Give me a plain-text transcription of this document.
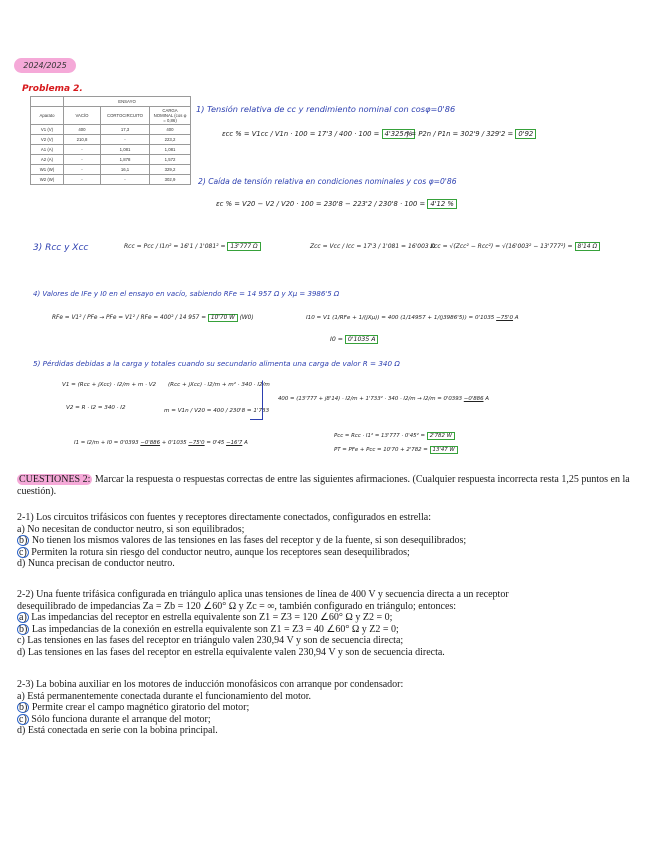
2024/2025
Problema 2.
	ENSAYO		
Aparato	VACÍO	CORTOCIRCUITO	CARGA NOMINAL (cos φ = 0,86)
V1 (V)	400	17,3	400
V2 (V)	210,8	-	223,2
A1 (A)	-	1,081	1,081
A2 (A)	-	1,878	1,572
W1 (W)	-	16,1	329,2
W2 (W)	-	-	302,9
1) Tensión relativa de cc y rendimiento nominal con cosφ=0'86
εcc % = V1cc / V1n · 100 = 17'3 / 400 · 100 = 4'325 %
η = P2n / P1n = 302'9 / 329'2 = 0'92
2) Caída de tensión relativa en condiciones nominales y cos φ=0'86
εc % = V20 − V2 / V20 · 100 = 230'8 − 223'2 / 230'8 · 100 = 4'12 %
3) Rcc y Xcc	Rcc = Pcc / I1n² = 16'1 / 1'081² = 13'777 Ω	Zcc = Vcc / Icc = 17'3 / 1'081 = 16'003 Ω
Xcc = √(Zcc² − Rcc²) = √(16'003² − 13'777²) = 8'14 Ω
4) Valores de IFe y I0 en el ensayo en vacío, sabiendo RFe = 14 957 Ω y Xμ = 3986'5 Ω
RFe = V1² / PFe → PFe = V1² / RFe = 400² / 14 957 = 10'70 W (W0)	I10 = V1 (1/RFe + 1/(jXμ)) = 400 (1/14957 + 1/(j3986'5)) = 0'1035 −75'0 A
I0 = 0'1035 A
5) Pérdidas debidas a la carga y totales cuando su secundario alimenta una carga de valor R = 340 Ω
V1 = (Rcc + jXcc) · I2/m + m · V2 (Rcc + jXcc) · I2/m + m² · 340 · I2/m
V2 = R · I2 = 340 · I2	m = V1n / V20 = 400 / 230'8 = 1'733
400 = (13'777 + j8'14) · I2/m + 1'733² · 340 · I2/m → I2/m = 0'0393 −0'886 A
I1 = I2/m + I0 = 0'0393 −0'886 + 0'1035 −75'0 = 0'45 −16'7 A
Pcc = Rcc · I1² = 13'777 · 0'45² = 2'782 W
PT = PFe + Pcc = 10'70 + 2'782 = 13'47 W

CUESTIONES 2: Marcar la respuesta o respuestas correctas de entre las siguientes afirmaciones. (Cualquier respuesta incorrecta resta 1,25 puntos en la cuestión).

2-1) Los circuitos trifásicos con fuentes y receptores directamente conectados, configurados en estrella:

a) No necesitan de conductor neutro, si son equilibrados;

b) No tienen los mismos valores de las tensiones en las fases del receptor y de la fuente, si son desequilibrados;

c) Permiten la rotura sin riesgo del conductor neutro, aunque los receptores sean desequilibrados;

d) Nunca precisan de conductor neutro.

2-2) Una fuente trifásica configurada en triángulo aplica unas tensiones de línea de 400 V y secuencia directa a un receptor

desequilibrado de impedancias Za = Zb = 120 ∠60° Ω y Zc = ∞, también configurado en triángulo; entonces:

a) Las impedancias del receptor en estrella equivalente son Z1 = Z3 = 120 ∠60° Ω y Z2 = 0;

b) Las impedancias de la conexión en estrella equivalente son Z1 = Z3 = 40 ∠60° Ω y Z2 = 0;

c) Las tensiones en las fases del receptor en triángulo valen 230,94 V y son de secuencia directa;

d) Las tensiones en las fases del receptor en estrella equivalente valen 230,94 V y son de secuencia directa.

2-3) La bobina auxiliar en los motores de inducción monofásicos con arranque por condensador:

a) Está permanentemente conectada durante el funcionamiento del motor.

b) Permite crear el campo magnético giratorio del motor;

c) Sólo funciona durante el arranque del motor;

d) Está conectada en serie con la bobina principal.
